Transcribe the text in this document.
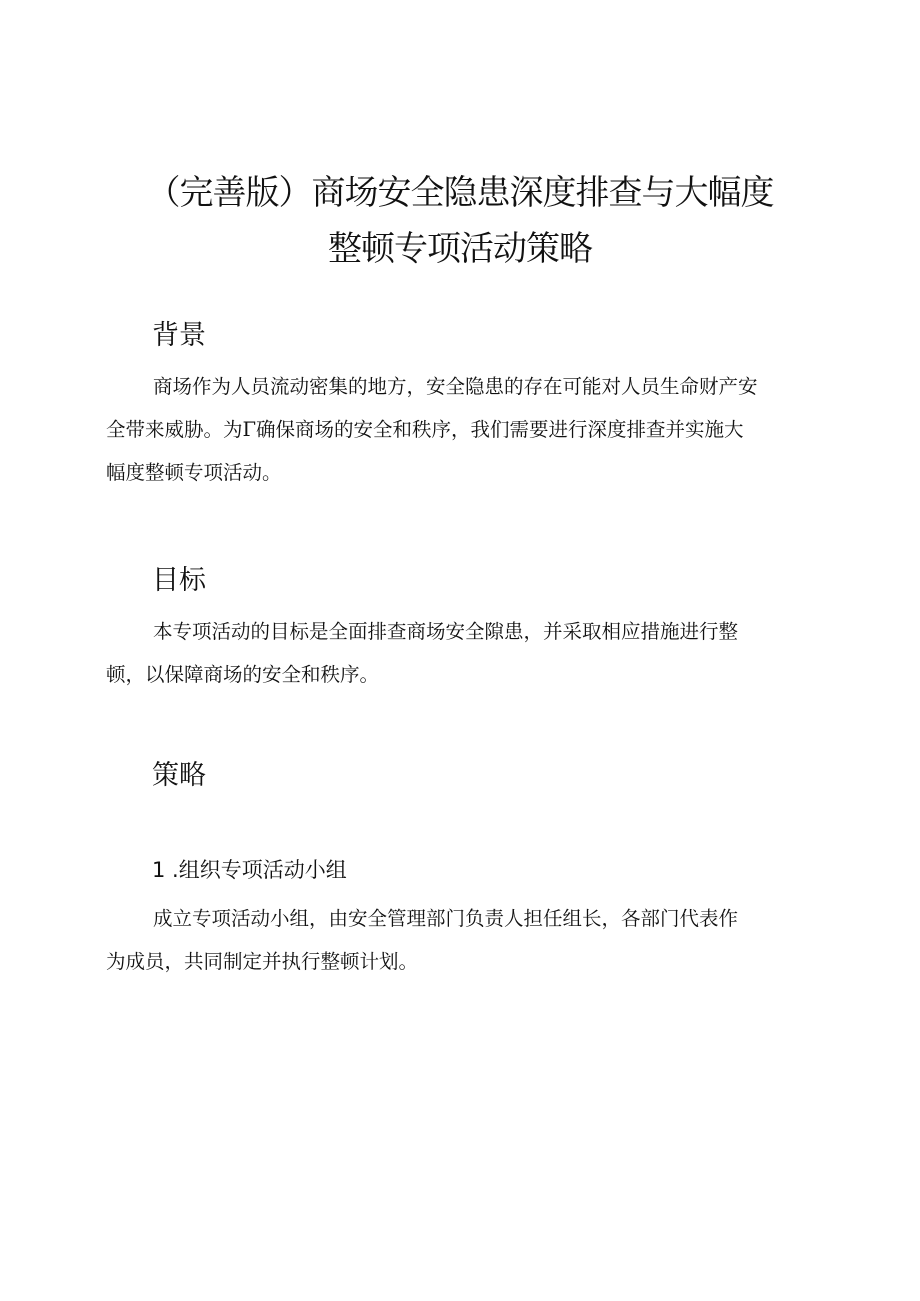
（完善版）商场安全隐患深度排查与大幅度
整顿专项活动策略
背景

商场作为人员流动密集的地方，安全隐患的存在可能对人员生命财产安
全带来威胁。为Γ确保商场的安全和秩序，我们需要进行深度排查并实施大
幅度整顿专项活动。

目标

本专项活动的目标是全面排查商场安全隙患，并采取相应措施进行整
顿，以保障商场的安全和秩序。

策略
1 .组织专项活动小组

成立专项活动小组，由安全管理部门负责人担任组长，各部门代表作
为成员，共同制定并执行整顿计划。
